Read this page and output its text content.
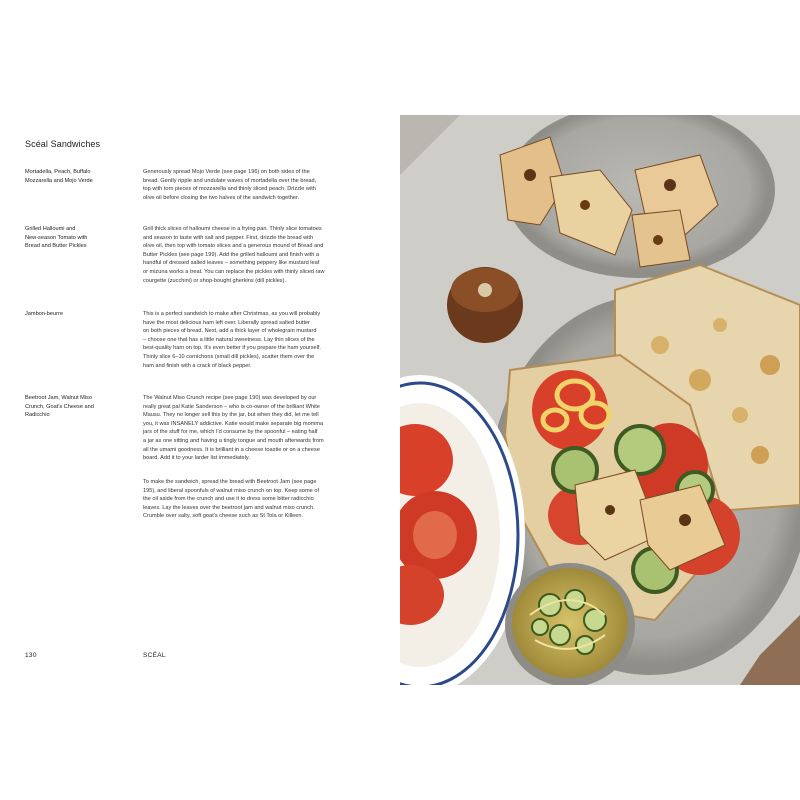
Scéal Sandwiches
Mortadella, Peach, Buffalo
Mozzarella and Mojo Verde
Generously spread Mojo Verde (see page 196) on both sides of the
bread. Gently ripple and undulate waves of mortadella over the bread,
top with torn pieces of mozzarella and thinly sliced peach. Drizzle with
olive oil before closing the two halves of the sandwich together.
Grilled Halloumi and
New-season Tomato with
Bread and Butter Pickles
Grill thick slices of halloumi cheese in a frying pan. Thinly slice tomatoes
and season to taste with salt and pepper. First, drizzle the bread with
olive oil, then top with tomato slices and a generous mound of Bread and
Butter Pickles (see page 199). Add the grilled halloumi and finish with a
handful of dressed salted leaves – something peppery like mustard leaf
or mizuna works a treat. You can replace the pickles with thinly sliced raw
courgette (zucchini) or shop-bought gherkins (dill pickles).
Jambon-beurre	This is a perfect sandwich to make after Christmas, as you will probably
have the most delicious ham left over. Liberally spread salted butter
on both pieces of bread. Next, add a thick layer of wholegrain mustard
– choose one that has a little natural sweetness. Lay thin slices of the
best-quality ham on top. It's even better if you prepare the ham yourself.
Thinly slice 6–10 cornichons (small dill pickles), scatter them over the
ham and finish with a crack of black pepper.
Beetroot Jam, Walnut Miso
Crunch, Goat's Cheese and
Radicchio
The Walnut Miso Crunch recipe (see page 190) was developed by our
really great pal Katie Sanderson – who is co-owner of the brilliant White
Mausu. They no longer sell this by the jar, but when they did, let me tell
you, it was INSANELY addictive. Katie would make separate big momma
jars of the stuff for me, which I'd consume by the spoonful – eating half
a jar as one sitting and having a tingly tongue and mouth afterwards from
all the umami goodness. It is brilliant in a cheese toastie or on a cheese
board. Add it to your larder list immediately.
To make the sandwich, spread the bread with Beetroot Jam (see page
195), and liberal spoonfuls of walnut miso crunch on top. Keep some of
the oil aside from the crunch and use it to dress some bitter radicchio
leaves. Lay the leaves over the beetroot jam and walnut miso crunch.
Crumble over salty, soft goat's cheese such as St Tola or Killeen.
130	SCÉAL
